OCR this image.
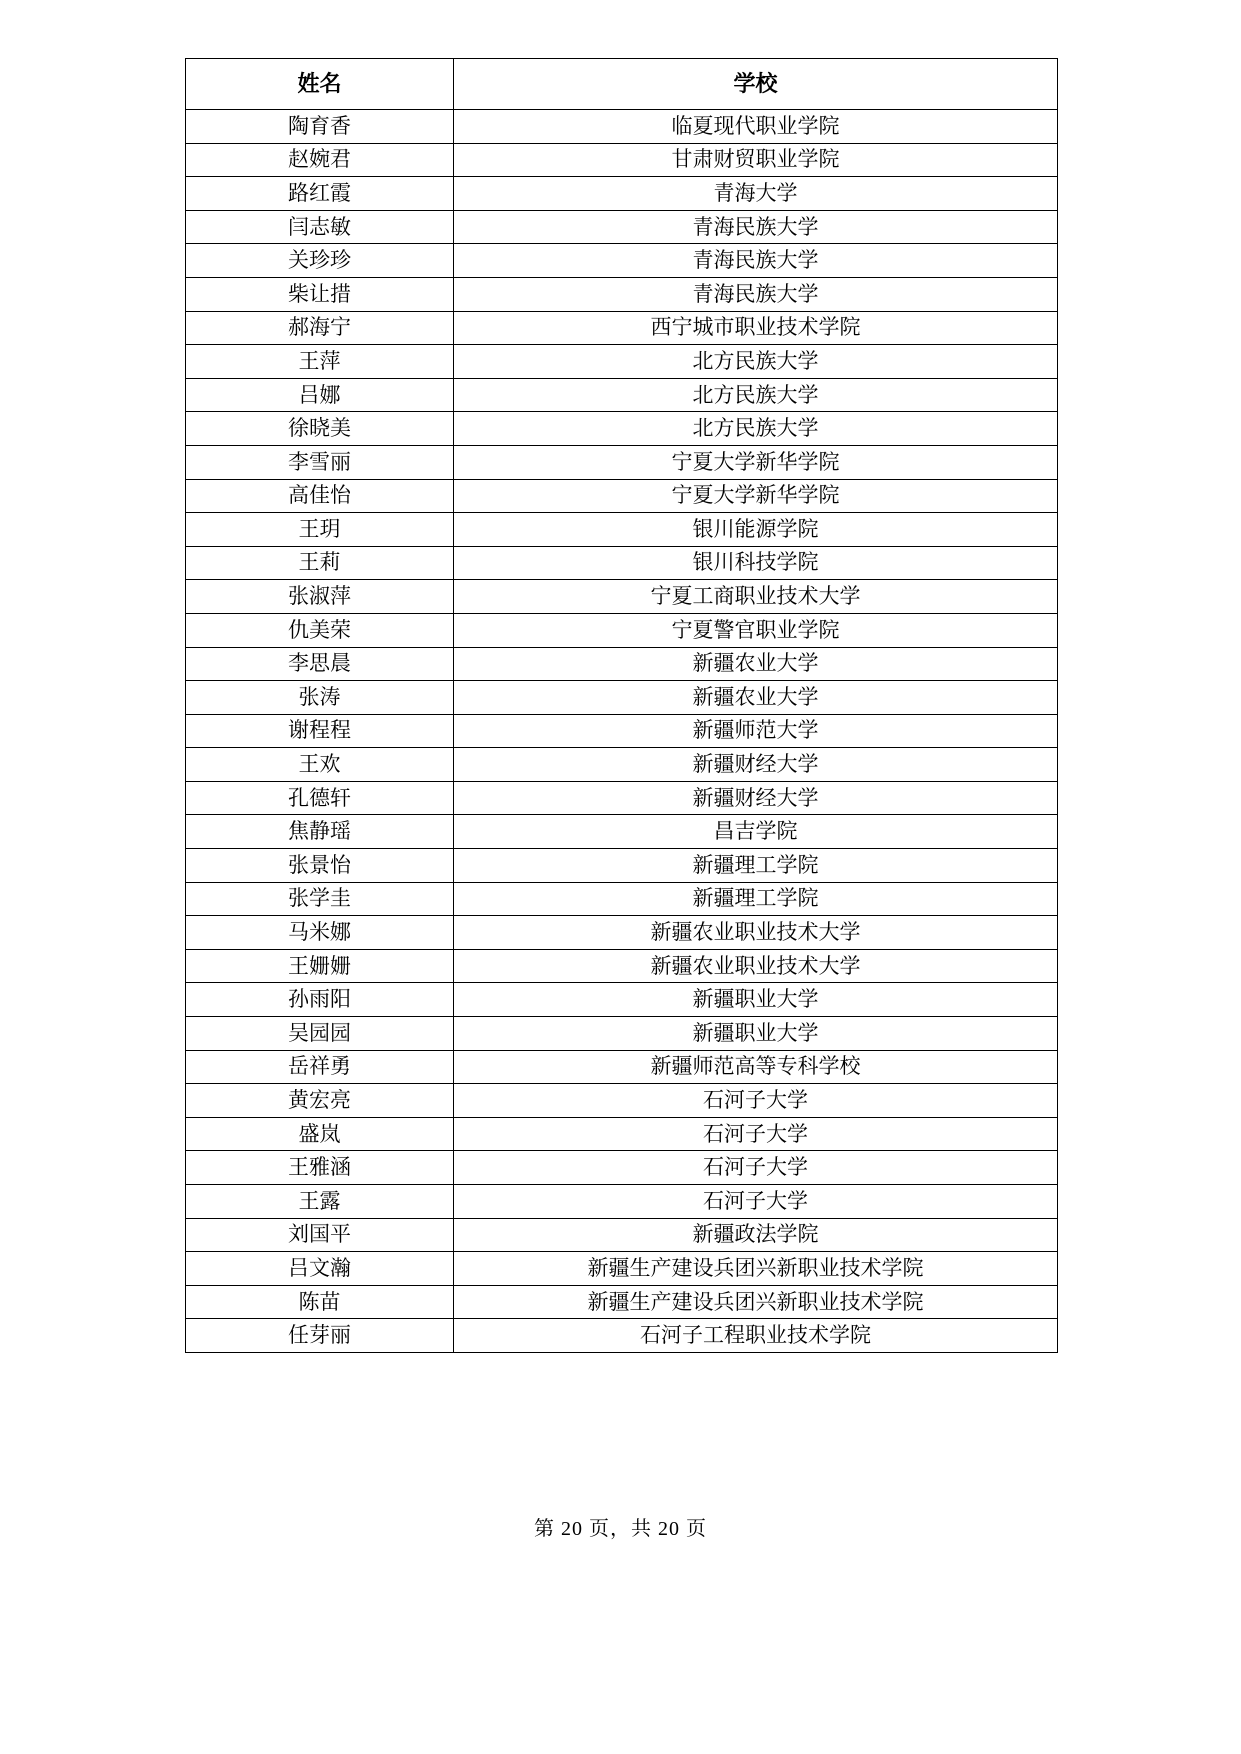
姓名	学校
陶育香	临夏现代职业学院
赵婉君	甘肃财贸职业学院
路红霞	青海大学
闫志敏	青海民族大学
关珍珍	青海民族大学
柴让措	青海民族大学
郝海宁	西宁城市职业技术学院
王萍	北方民族大学
吕娜	北方民族大学
徐晓美	北方民族大学
李雪丽	宁夏大学新华学院
高佳怡	宁夏大学新华学院
王玥	银川能源学院
王莉	银川科技学院
张淑萍	宁夏工商职业技术大学
仇美荣	宁夏警官职业学院
李思晨	新疆农业大学
张涛	新疆农业大学
谢程程	新疆师范大学
王欢	新疆财经大学
孔德轩	新疆财经大学
焦静瑶	昌吉学院
张景怡	新疆理工学院
张学圭	新疆理工学院
马米娜	新疆农业职业技术大学
王姗姗	新疆农业职业技术大学
孙雨阳	新疆职业大学
吴园园	新疆职业大学
岳祥勇	新疆师范高等专科学校
黄宏亮	石河子大学
盛岚	石河子大学
王雅涵	石河子大学
王露	石河子大学
刘国平	新疆政法学院
吕文瀚	新疆生产建设兵团兴新职业技术学院
陈苗	新疆生产建设兵团兴新职业技术学院
任芽丽	石河子工程职业技术学院
第 20 页，共 20 页
